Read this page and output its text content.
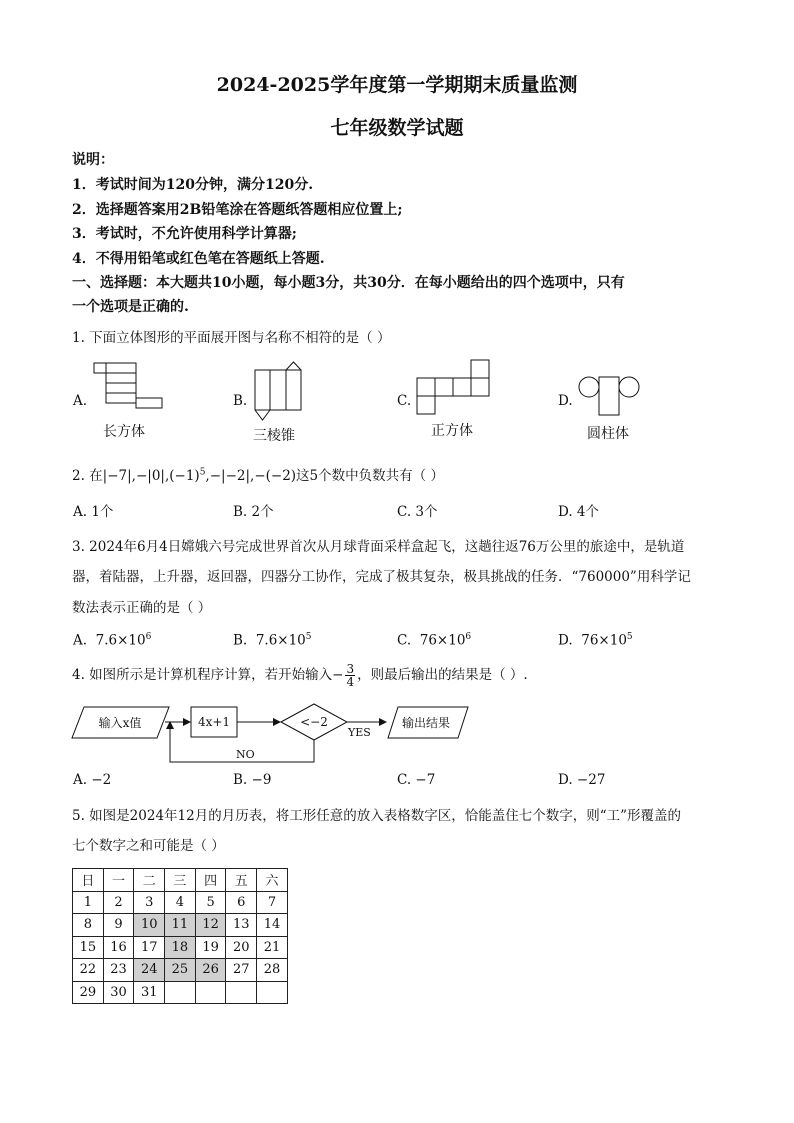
2024-2025学年度第一学期期末质量监测
七年级数学试题
说明：
1．考试时间为120分钟，满分120分.
2．选择题答案用2B铅笔涂在答题纸答题相应位置上;
3．考试时，不允许使用科学计算器;
4．不得用铅笔或红色笔在答题纸上答题.
一、选择题：本大题共10小题，每小题3分，共30分．在每小题给出的四个选项中，只有
一个选项是正确的.
1. 下面立体图形的平面展开图与名称不相符的是（ ）
A.
长方体
B.
三棱锥
C.
正方体
D.
圆柱体
2. 在$|-7|,-|0|,(-1)^5,-|-2|,-(-2)$这5个数中负数共有（ ）
A. 1个	B. 2个	C. 3个	D. 4个
3. 2024年6月4日嫦娥六号完成世界首次从月球背面采样盒起飞，这趟往返76万公里的旅途中，是轨道
器，着陆器，上升器，返回器，四器分工协作，完成了极其复杂，极具挑战的任务．“760000”用科学记
数法表示正确的是（ ）
A. $7.6\times 10^6$	B. $7.6\times 10^5$	C. $76\times 10^6$	D. $76\times 10^5$
4. 如图所示是计算机程序计算，若开始输入− $\frac{3}{4}$ ，则最后输出的结果是（ ）.
输入x值	4x+1	<−2
YES
输出结果
NO
A. −2	B. −9	C. −7	D. −27
5. 如图是2024年12月的月历表，将工形任意的放入表格数字区，恰能盖住七个数字，则“工”形覆盖的
七个数字之和可能是（ ）
日	一	二	三	四	五	六
1	2	3	4	5	6	7
8	9	10	11	12	13	14
15	16	17	18	19	20	21
22	23	24	25	26	27	28
29	30	31				
